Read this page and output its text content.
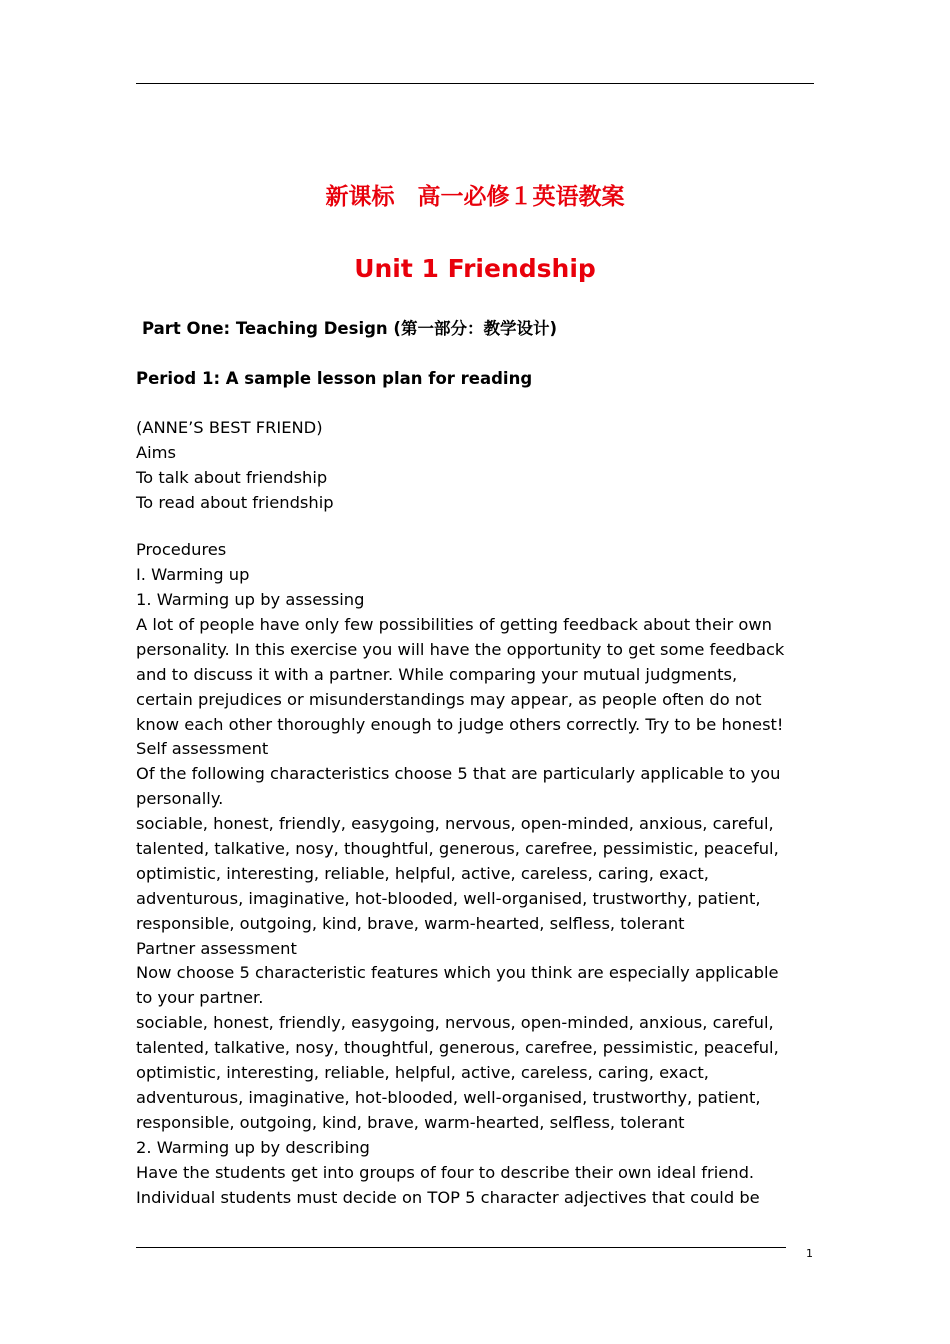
新课标　高一必修１英语教案
Unit 1 Friendship
Part One: Teaching Design (第一部分：教学设计)
Period 1: A sample lesson plan for reading
(ANNE’S BEST FRIEND)
Aims
To talk about friendship
To read about friendship
Procedures
I. Warming up
1. Warming up by assessing
A lot of people have only few possibilities of getting feedback about their own
personality. In this exercise you will have the opportunity to get some feedback
and to discuss it with a partner. While comparing your mutual judgments,
certain prejudices or misunderstandings may appear, as people often do not
know each other thoroughly enough to judge others correctly. Try to be honest!
Self assessment
Of the following characteristics choose 5 that are particularly applicable to you
personally.
sociable, honest, friendly, easygoing, nervous, open-minded, anxious, careful,
talented, talkative, nosy, thoughtful, generous, carefree, pessimistic, peaceful,
optimistic, interesting, reliable, helpful, active, careless, caring, exact,
adventurous, imaginative, hot-blooded, well-organised, trustworthy, patient,
responsible, outgoing, kind, brave, warm-hearted, selfless, tolerant
Partner assessment
Now choose 5 characteristic features which you think are especially applicable
to your partner.
sociable, honest, friendly, easygoing, nervous, open-minded, anxious, careful,
talented, talkative, nosy, thoughtful, generous, carefree, pessimistic, peaceful,
optimistic, interesting, reliable, helpful, active, careless, caring, exact,
adventurous, imaginative, hot-blooded, well-organised, trustworthy, patient,
responsible, outgoing, kind, brave, warm-hearted, selfless, tolerant
2. Warming up by describing
Have the students get into groups of four to describe their own ideal friend.
Individual students must decide on TOP 5 character adjectives that could be
1
